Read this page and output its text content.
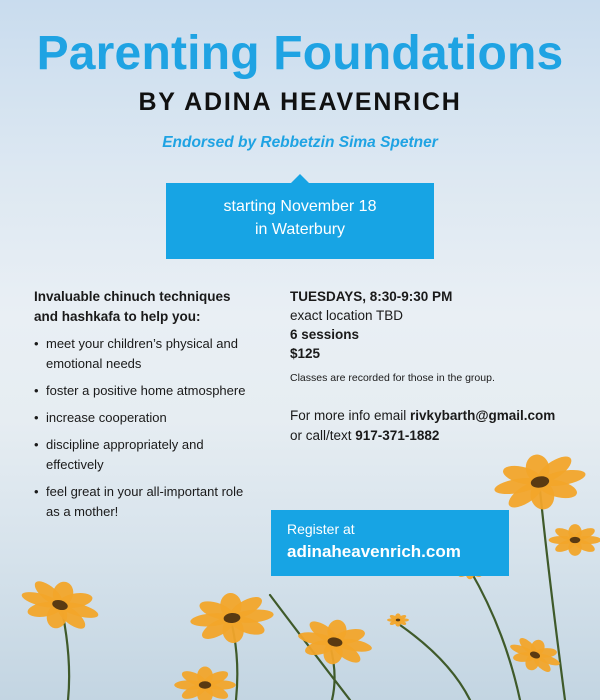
Parenting Foundations
BY ADINA HEAVENRICH
Endorsed by Rebbetzin Sima Spetner
starting November 18
in Waterbury
Invaluable chinuch techniques
and hashkafa to help you:
• meet your children’s physical and
emotional needs
• foster a positive home atmosphere
• increase cooperation
• discipline appropriately and
effectively
• feel great in your all-important role
as a mother!
TUESDAYS, 8:30-9:30 PM
exact location TBD
6 sessions
$125
Classes are recorded for those in the group.
For more info email rivkybarth@gmail.com
or call/text 917-371-1882
Register at
adinaheavenrich.com
